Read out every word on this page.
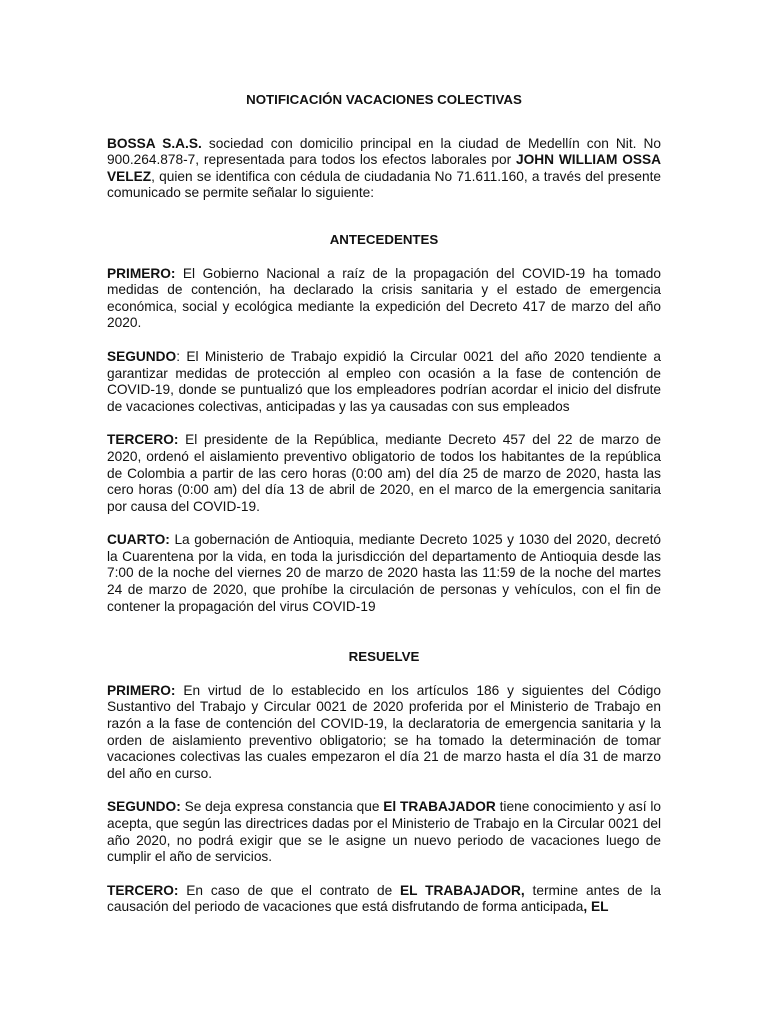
NOTIFICACIÓN VACACIONES COLECTIVAS

BOSSA S.A.S. sociedad con domicilio principal en la ciudad de Medellín con Nit. No 900.264.878-7, representada para todos los efectos laborales por JOHN WILLIAM OSSA VELEZ, quien se identifica con cédula de ciudadania No 71.611.160, a través del presente comunicado se permite señalar lo siguiente:

ANTECEDENTES

PRIMERO: El Gobierno Nacional a raíz de la propagación del COVID-19 ha tomado medidas de contención, ha declarado la crisis sanitaria y el estado de emergencia económica, social y ecológica mediante la expedición del Decreto 417 de marzo del año 2020.

SEGUNDO: El Ministerio de Trabajo expidió la Circular 0021 del año 2020 tendiente a garantizar medidas de protección al empleo con ocasión a la fase de contención de COVID-19, donde se puntualizó que los empleadores podrían acordar el inicio del disfrute de vacaciones colectivas, anticipadas y las ya causadas con sus empleados

TERCERO: El presidente de la República, mediante Decreto 457 del 22 de marzo de 2020, ordenó el aislamiento preventivo obligatorio de todos los habitantes de la república de Colombia a partir de las cero horas (0:00 am) del día 25 de marzo de 2020, hasta las cero horas (0:00 am) del día 13 de abril de 2020, en el marco de la emergencia sanitaria por causa del COVID-19.

CUARTO: La gobernación de Antioquia, mediante Decreto 1025 y 1030 del 2020, decretó la Cuarentena por la vida, en toda la jurisdicción del departamento de Antioquia desde las 7:00 de la noche del viernes 20 de marzo de 2020 hasta las 11:59 de la noche del martes 24 de marzo de 2020, que prohíbe la circulación de personas y vehículos, con el fin de contener la propagación del virus COVID-19

RESUELVE

PRIMERO: En virtud de lo establecido en los artículos 186 y siguientes del Código Sustantivo del Trabajo y Circular 0021 de 2020 proferida por el Ministerio de Trabajo en razón a la fase de contención del COVID-19, la declaratoria de emergencia sanitaria y la orden de aislamiento preventivo obligatorio; se ha tomado la determinación de tomar vacaciones colectivas las cuales empezaron el día 21 de marzo hasta el día 31 de marzo del año en curso.

SEGUNDO: Se deja expresa constancia que El TRABAJADOR tiene conocimiento y así lo acepta, que según las directrices dadas por el Ministerio de Trabajo en la Circular 0021 del año 2020, no podrá exigir que se le asigne un nuevo periodo de vacaciones luego de cumplir el año de servicios.

TERCERO: En caso de que el contrato de EL TRABAJADOR, termine antes de la causación del periodo de vacaciones que está disfrutando de forma anticipada, EL
